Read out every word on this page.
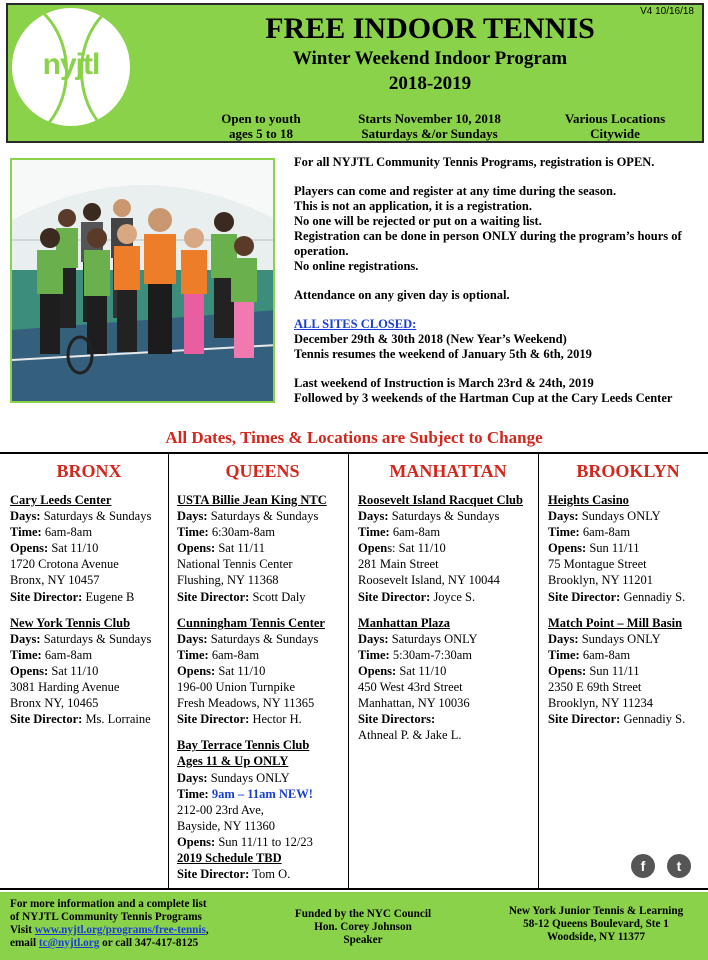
nyjtl
V4 10/16/18
FREE INDOOR TENNIS
Winter Weekend Indoor Program
2018-2019
Open to youth
ages 5 to 18
Starts November 10, 2018
Saturdays &/or Sundays
Various Locations
Citywide

For all NYJTL Community Tennis Programs, registration is OPEN.

Players can come and register at any time during the season.

This is not an application, it is a registration.

No one will be rejected or put on a waiting list.

Registration can be done in person ONLY during the program’s hours of operation.

No online registrations.

Attendance on any given day is optional.

ALL SITES CLOSED:

December 29th & 30th 2018 (New Year’s Weekend)

Tennis resumes the weekend of January 5th & 6th, 2019

Last weekend of Instruction is March 23rd & 24th, 2019

Followed by 3 weekends of the Hartman Cup at the Cary Leeds Center

All Dates, Times & Locations are Subject to Change
BRONX
Cary Leeds Center
Days: Saturdays & Sundays
Time: 6am-8am
Opens: Sat 11/10
1720 Crotona Avenue
Bronx, NY 10457
Site Director: Eugene B
New York Tennis Club
Days: Saturdays & Sundays
Time: 6am-8am
Opens: Sat 11/10
3081 Harding Avenue
Bronx NY, 10465
Site Director: Ms. Lorraine
QUEENS
USTA Billie Jean King NTC
Days: Saturdays & Sundays
Time: 6:30am-8am
Opens: Sat 11/11
National Tennis Center
Flushing, NY 11368
Site Director: Scott Daly
Cunningham Tennis Center
Days: Saturdays & Sundays
Time: 6am-8am
Opens: Sat 11/10
196-00 Union Turnpike
Fresh Meadows, NY 11365
Site Director: Hector H.
Bay Terrace Tennis Club
Ages 11 & Up ONLY
Days: Sundays ONLY
Time: 9am – 11am NEW!
212-00 23rd Ave,
Bayside, NY 11360
Opens: Sun 11/11 to 12/23
2019 Schedule TBD
Site Director: Tom O.
MANHATTAN
Roosevelt Island Racquet Club
Days: Saturdays & Sundays
Time: 6am-8am
Opens: Sat 11/10
281 Main Street
Roosevelt Island, NY 10044
Site Director: Joyce S.
Manhattan Plaza
Days: Saturdays ONLY
Time: 5:30am-7:30am
Opens: Sat 11/10
450 West 43rd Street
Manhattan, NY 10036
Site Directors:
Athneal P. & Jake L.
BROOKLYN
Heights Casino
Days: Sundays ONLY
Time: 6am-8am
Opens: Sun 11/11
75 Montague Street
Brooklyn, NY 11201
Site Director: Gennadiy S.
Match Point – Mill Basin
Days: Sundays ONLY
Time: 6am-8am
Opens: Sun 11/11
2350 E 69th Street
Brooklyn, NY 11234
Site Director: Gennadiy S.
f	t
For more information and a complete list
of NYJTL Community Tennis Programs
Visit www.nyjtl.org/programs/free-tennis,
email tc@nyjtl.org or call 347-417-8125
Funded by the NYC Council
Hon. Corey Johnson
Speaker
New York Junior Tennis & Learning
58-12 Queens Boulevard, Ste 1
Woodside, NY 11377
